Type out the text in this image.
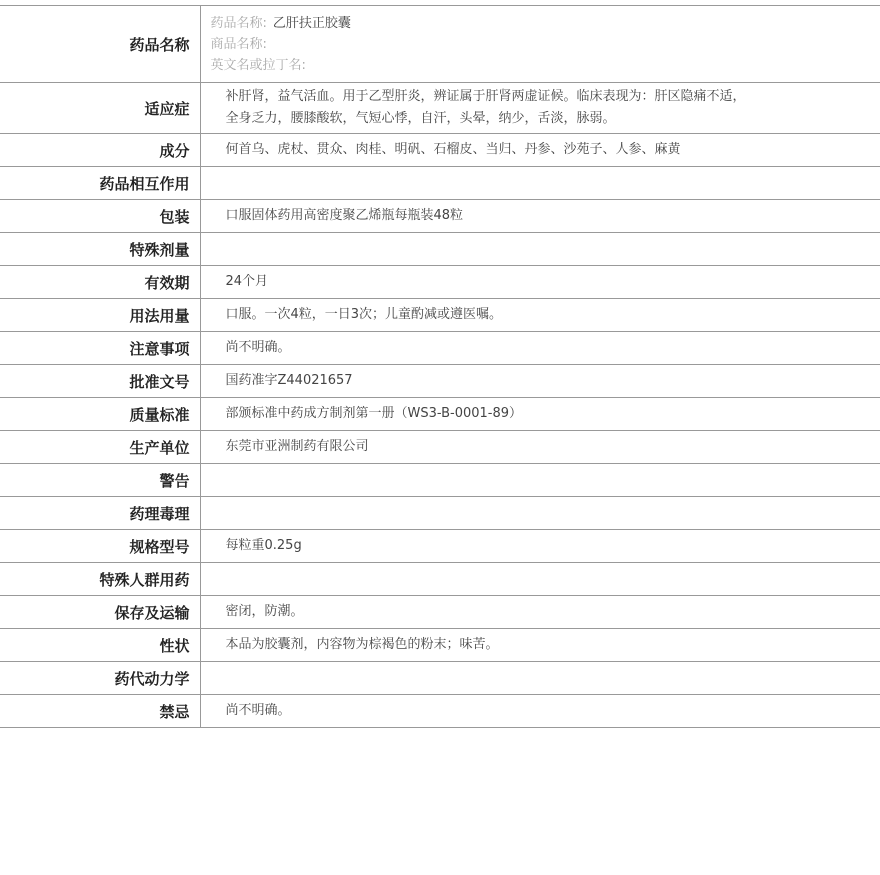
药品名称	药品名称: 乙肝扶正胶囊
商品名称:
英文名或拉丁名:

适应症	补肝肾，益气活血。用于乙型肝炎，辨证属于肝肾两虚证候。临床表现为：肝区隐痛不适，
全身乏力，腰膝酸软，气短心悸，自汗，头晕，纳少，舌淡，脉弱。

成分	何首乌、虎杖、贯众、肉桂、明矾、石榴皮、当归、丹参、沙苑子、人参、麻黄
药品相互作用	
包装	口服固体药用高密度聚乙烯瓶每瓶装48粒
特殊剂量	
有效期	24个月
用法用量	口服。一次4粒，一日3次；儿童酌减或遵医嘱。
注意事项	尚不明确。
批准文号	国药准字Z44021657
质量标准	部颁标准中药成方制剂第一册（WS3-B-0001-89）
生产单位	东莞市亚洲制药有限公司
警告	
药理毒理	
规格型号	每粒重0.25g
特殊人群用药	
保存及运输	密闭，防潮。
性状	本品为胶囊剂，内容物为棕褐色的粉末；味苦。
药代动力学	
禁忌	尚不明确。
